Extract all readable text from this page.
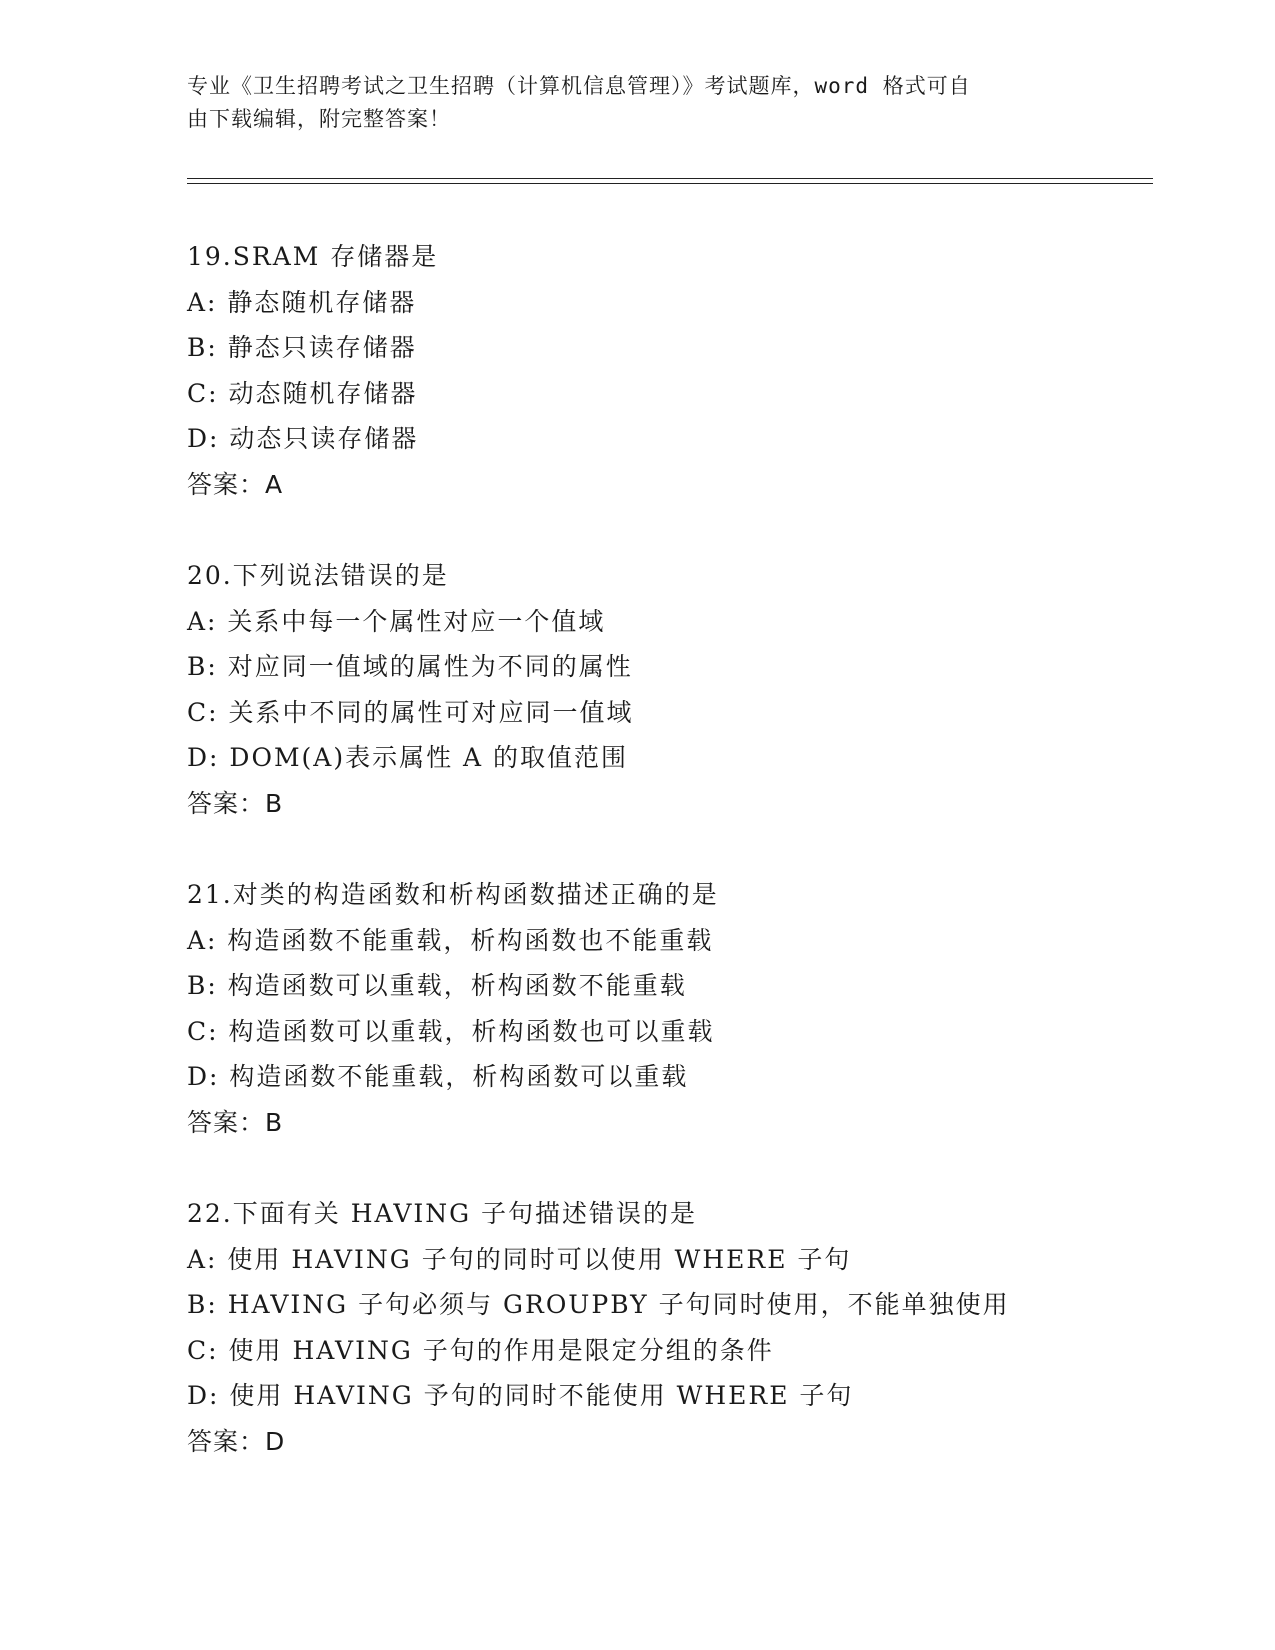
专业《卫生招聘考试之卫生招聘（计算机信息管理）》考试题库，word 格式可自
由下载编辑，附完整答案！
19.SRAM 存储器是
A: 静态随机存储器
B: 静态只读存储器
C: 动态随机存储器
D: 动态只读存储器
答案：A
20.下列说法错误的是
A: 关系中每一个属性对应一个值域
B: 对应同一值域的属性为不同的属性
C: 关系中不同的属性可对应同一值域
D: DOM(A)表示属性 A 的取值范围
答案：B
21.对类的构造函数和析构函数描述正确的是
A: 构造函数不能重载，析构函数也不能重载
B: 构造函数可以重载，析构函数不能重载
C: 构造函数可以重载，析构函数也可以重载
D: 构造函数不能重载，析构函数可以重载
答案：B
22.下面有关 HAVING 子句描述错误的是
A: 使用 HAVING 子句的同时可以使用 WHERE 子句
B: HAVING 子句必须与 GROUPBY 子句同时使用，不能单独使用
C: 使用 HAVING 子句的作用是限定分组的条件
D: 使用 HAVING 予句的同时不能使用 WHERE 子句
答案：D
